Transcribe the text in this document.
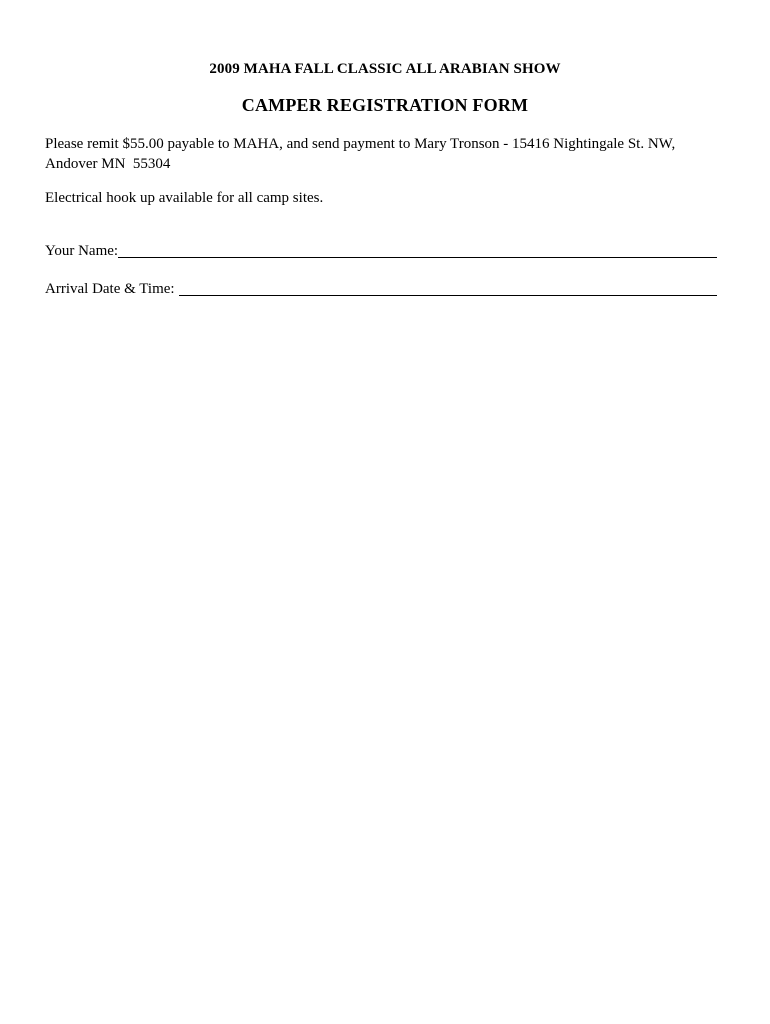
2009 MAHA FALL CLASSIC ALL ARABIAN SHOW
CAMPER REGISTRATION FORM
Please remit $55.00 payable to MAHA, and send payment to Mary Tronson - 15416 Nightingale St. NW,
Andover MN  55304
Electrical hook up available for all camp sites.
Your Name:
Arrival Date & Time:
